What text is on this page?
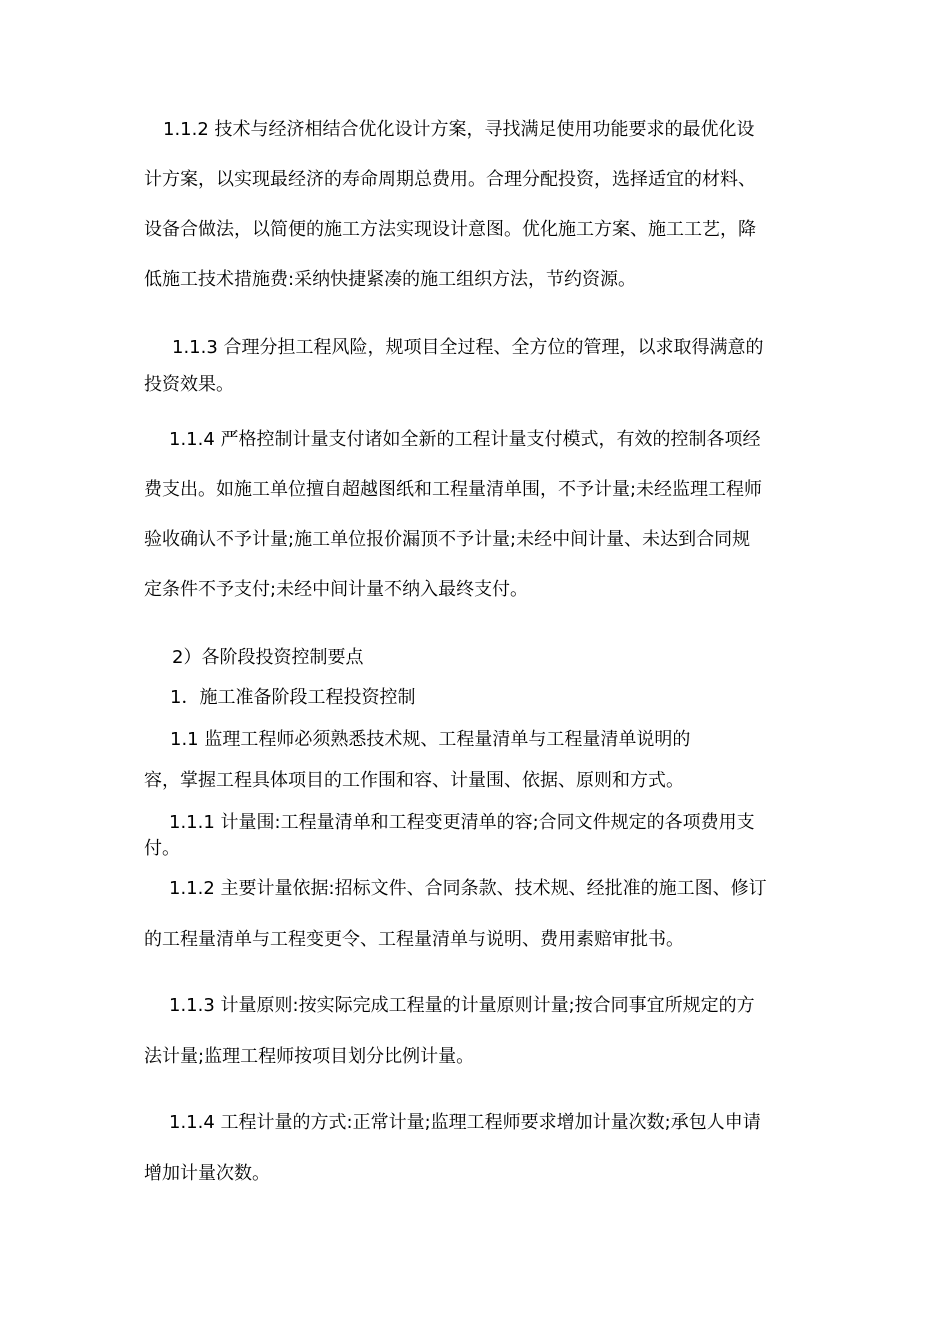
1.1.2 技术与经济相结合优化设计方案，寻找满足使用功能要求的最优化设
计方案，以实现最经济的寿命周期总费用。合理分配投资，选择适宜的材料、
设备合做法，以简便的施工方法实现设计意图。优化施工方案、施工工艺，降
低施工技术措施费:采纳快捷紧凑的施工组织方法，节约资源。
1.1.3 合理分担工程风险，规项目全过程、全方位的管理，以求取得满意的
投资效果。
1.1.4 严格控制计量支付诸如全新的工程计量支付模式，有效的控制各项经
费支出。如施工单位擅自超越图纸和工程量清单围，不予计量;未经监理工程师
验收确认不予计量;施工单位报价漏顶不予计量;未经中间计量、未达到合同规
定条件不予支付;未经中间计量不纳入最终支付。
2）各阶段投资控制要点
1．施工准备阶段工程投资控制
1.1 监理工程师必须熟悉技术规、工程量清单与工程量清单说明的
容，掌握工程具体项目的工作围和容、计量围、依据、原则和方式。
1.1.1 计量围:工程量清单和工程变更清单的容;合同文件规定的各项费用支
付。
1.1.2 主要计量依据:招标文件、合同条款、技术规、经批准的施工图、修订
的工程量清单与工程变更令、工程量清单与说明、费用素赔审批书。
1.1.3 计量原则:按实际完成工程量的计量原则计量;按合同事宜所规定的方
法计量;监理工程师按项目划分比例计量。
1.1.4 工程计量的方式:正常计量;监理工程师要求增加计量次数;承包人申请
增加计量次数。
